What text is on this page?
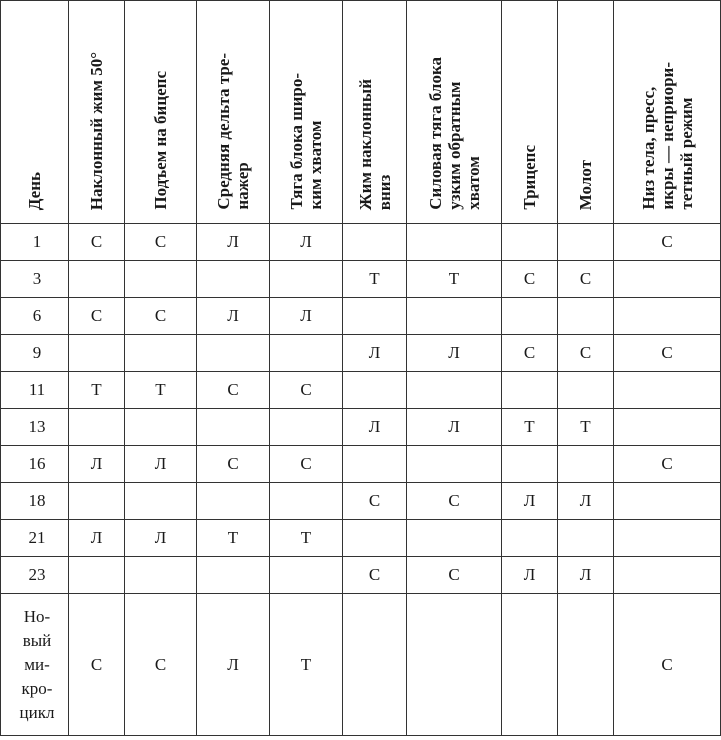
День	Наклонный жим 50°	Подъем на бицепс	Средняя дельта тре-
нажер	Тяга блока широ-
ким хватом	Жим наклонный
вниз	Силовая тяга блока
узким обратным
хватом	Трицепс	Молот	Низ тела, пресс,
икры — неприори-
тетный режим
1	С	С	Л	Л					С
3					Т	Т	С	С	
6	С	С	Л	Л					
9					Л	Л	С	С	С
11	Т	Т	С	С					
13					Л	Л	Т	Т	
16	Л	Л	С	С					С
18					С	С	Л	Л	
21	Л	Л	Т	Т					
23					С	С	Л	Л	
Но-
вый
ми-
кро-
цикл	С	С	Л	Т					С
